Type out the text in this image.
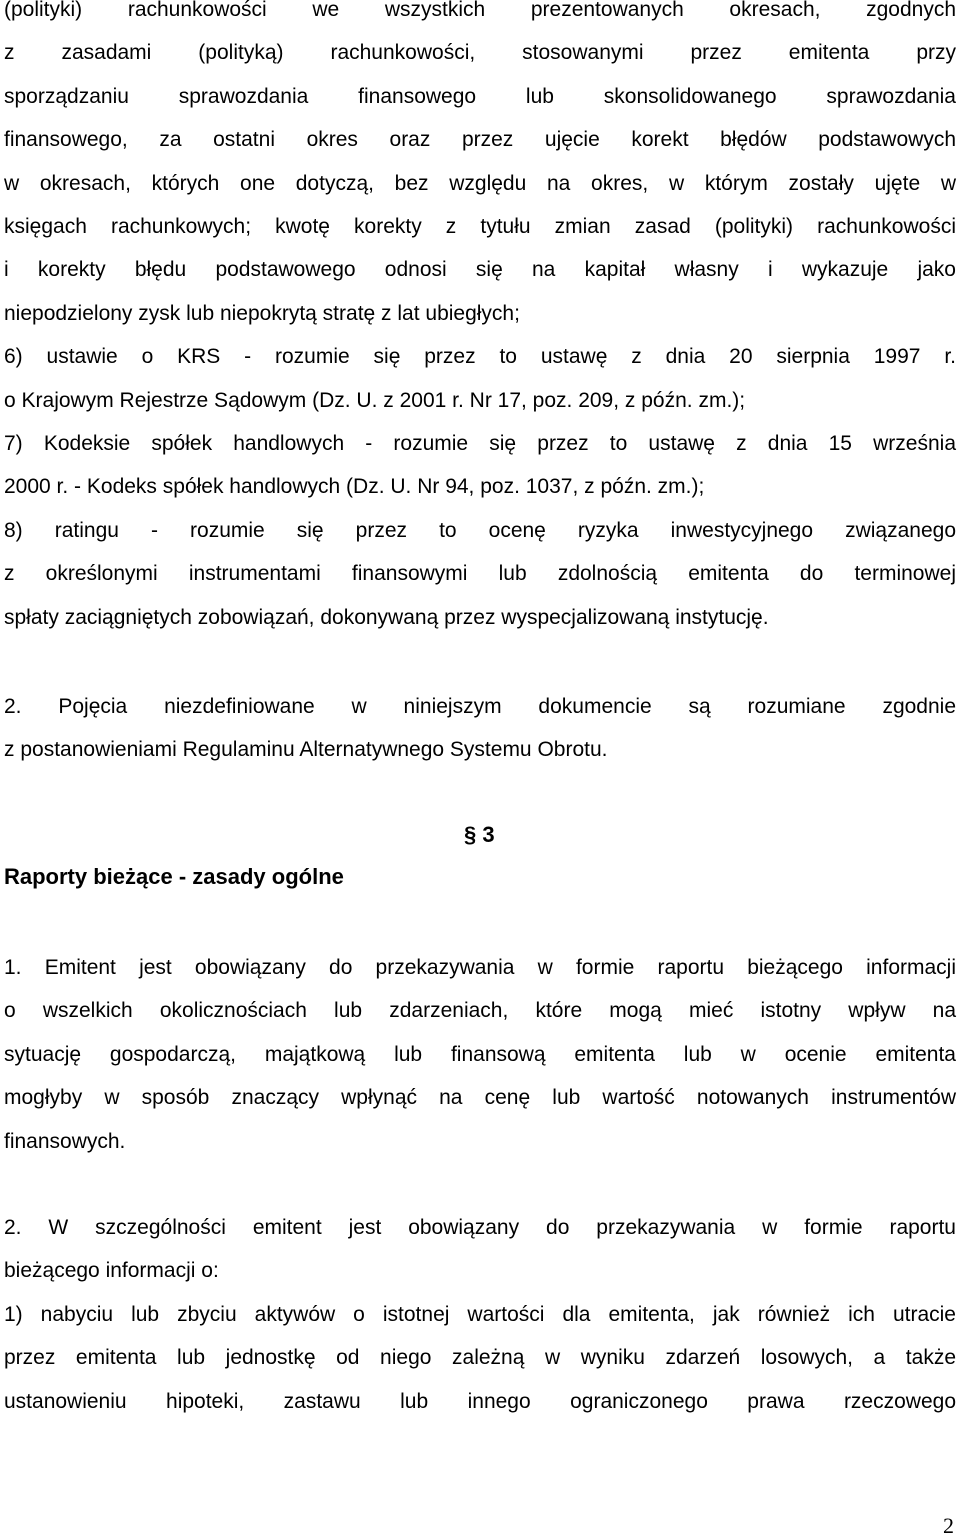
(polityki) rachunkowości we wszystkich prezentowanych okresach, zgodnych
z zasadami (polityką) rachunkowości, stosowanymi przez emitenta przy
sporządzaniu sprawozdania finansowego lub skonsolidowanego sprawozdania
finansowego, za ostatni okres oraz przez ujęcie korekt błędów podstawowych
w okresach, których one dotyczą, bez względu na okres, w którym zostały ujęte w
księgach rachunkowych; kwotę korekty z tytułu zmian zasad (polityki) rachunkowości
i korekty błędu podstawowego odnosi się na kapitał własny i wykazuje jako
niepodzielony zysk lub niepokrytą stratę z lat ubiegłych;
6) ustawie o KRS - rozumie się przez to ustawę z dnia 20 sierpnia 1997 r.
o Krajowym Rejestrze Sądowym (Dz. U. z 2001 r. Nr 17, poz. 209, z późn. zm.);
7) Kodeksie spółek handlowych - rozumie się przez to ustawę z dnia 15 września
2000 r. - Kodeks spółek handlowych (Dz. U. Nr 94, poz. 1037, z późn. zm.);
8) ratingu - rozumie się przez to ocenę ryzyka inwestycyjnego związanego
z określonymi instrumentami finansowymi lub zdolnością emitenta do terminowej
spłaty zaciągniętych zobowiązań, dokonywaną przez wyspecjalizowaną instytucję.
2. Pojęcia niezdefiniowane w niniejszym dokumencie są rozumiane zgodnie
z postanowieniami Regulaminu Alternatywnego Systemu Obrotu.
§ 3
Raporty bieżące - zasady ogólne
1. Emitent jest obowiązany do przekazywania w formie raportu bieżącego informacji
o wszelkich okolicznościach lub zdarzeniach, które mogą mieć istotny wpływ na
sytuację gospodarczą, majątkową lub finansową emitenta lub w ocenie emitenta
mogłyby w sposób znaczący wpłynąć na cenę lub wartość notowanych instrumentów
finansowych.
2. W szczególności emitent jest obowiązany do przekazywania w formie raportu
bieżącego informacji o:
1) nabyciu lub zbyciu aktywów o istotnej wartości dla emitenta, jak również ich utracie
przez emitenta lub jednostkę od niego zależną w wyniku zdarzeń losowych, a także
ustanowieniu hipoteki, zastawu lub innego ograniczonego prawa rzeczowego
2
